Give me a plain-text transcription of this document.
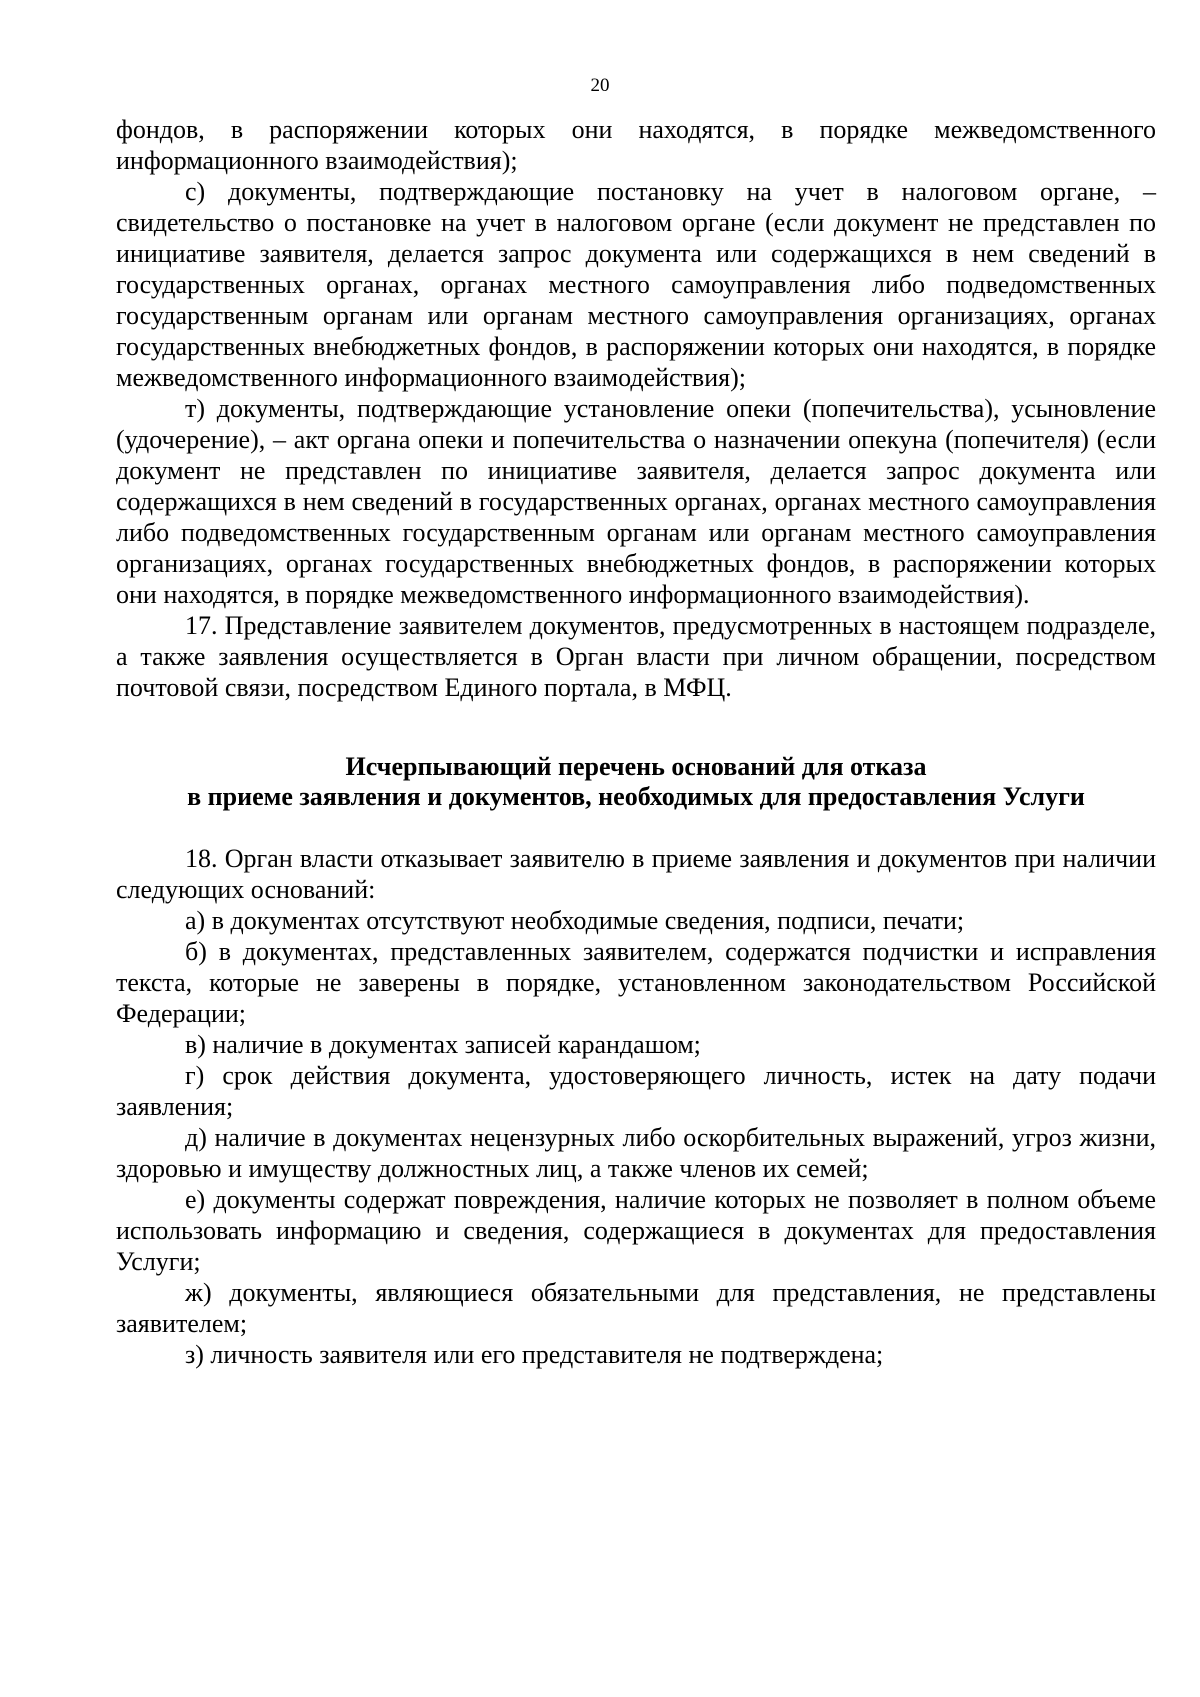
20

фондов, в распоряжении которых они находятся, в порядке межведомственного информационного взаимодействия);

с) документы, подтверждающие постановку на учет в налоговом органе, – свидетельство о постановке на учет в налоговом органе (если документ не представлен по инициативе заявителя, делается запрос документа или содержащихся в нем сведений в государственных органах, органах местного самоуправления либо подведомственных государственным органам или органам местного самоуправления организациях, органах государственных внебюджетных фондов, в распоряжении которых они находятся, в порядке межведомственного информационного взаимодействия);

т) документы, подтверждающие установление опеки (попечительства), усыновление (удочерение), – акт органа опеки и попечительства о назначении опекуна (попечителя) (если документ не представлен по инициативе заявителя, делается запрос документа или содержащихся в нем сведений в государственных органах, органах местного самоуправления либо подведомственных государственным органам или органам местного самоуправления организациях, органах государственных внебюджетных фондов, в распоряжении которых они находятся, в порядке межведомственного информационного взаимодействия).

17. Представление заявителем документов, предусмотренных в настоящем подразделе, а также заявления осуществляется в Орган власти при личном обращении, посредством почтовой связи, посредством Единого портала, в МФЦ.

Исчерпывающий перечень оснований для отказа
в приеме заявления и документов, необходимых для предоставления Услуги

18. Орган власти отказывает заявителю в приеме заявления и документов при наличии следующих оснований:

а) в документах отсутствуют необходимые сведения, подписи, печати;

б) в документах, представленных заявителем, содержатся подчистки и исправления текста, которые не заверены в порядке, установленном законодательством Российской Федерации;

в) наличие в документах записей карандашом;

г) срок действия документа, удостоверяющего личность, истек на дату подачи заявления;

д) наличие в документах нецензурных либо оскорбительных выражений, угроз жизни, здоровью и имуществу должностных лиц, а также членов их семей;

е) документы содержат повреждения, наличие которых не позволяет в полном объеме использовать информацию и сведения, содержащиеся в документах для предоставления Услуги;

ж) документы, являющиеся обязательными для представления, не представлены заявителем;

з) личность заявителя или его представителя не подтверждена;
